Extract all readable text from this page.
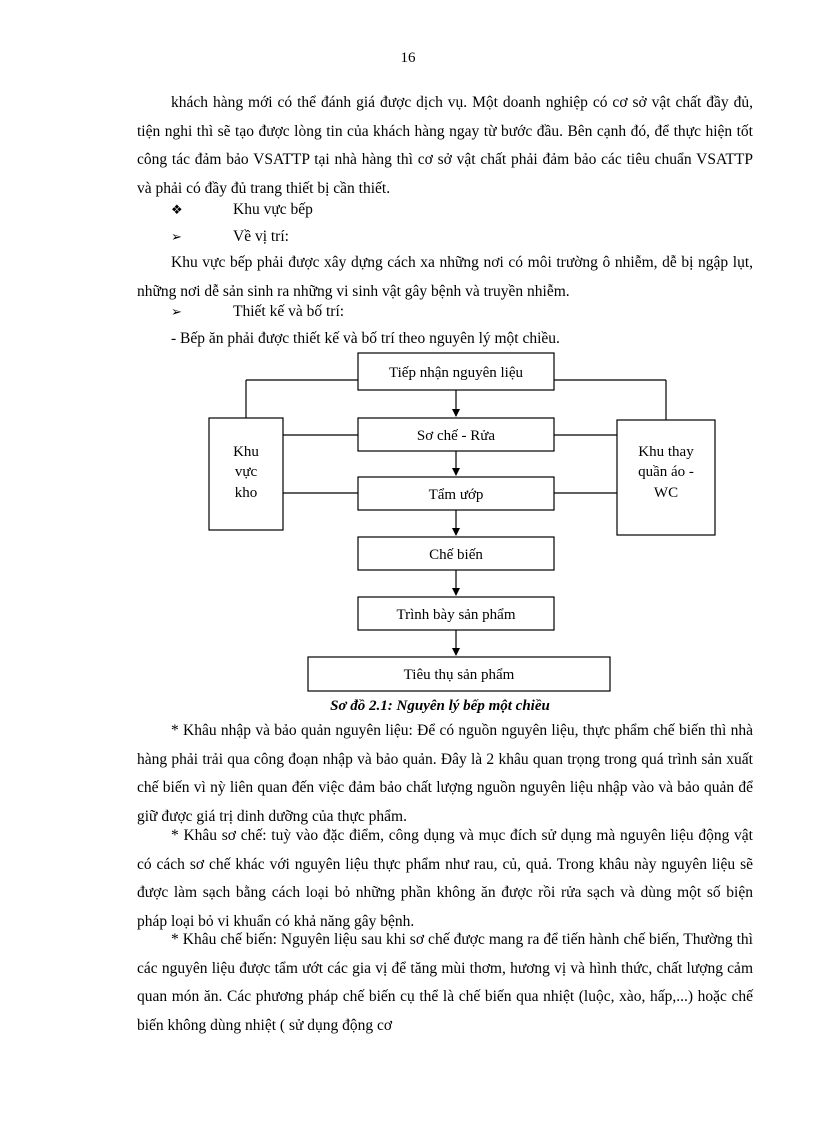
16

khách hàng mới có thể đánh giá được dịch vụ. Một doanh nghiệp có cơ sở vật chất đầy đủ, tiện nghi thì sẽ tạo được lòng tin của khách hàng ngay từ bước đầu. Bên cạnh đó, để thực hiện tốt công tác đảm bảo VSATTP tại nhà hàng thì cơ sở vật chất phải đảm bảo các tiêu chuẩn VSATTP và phải có đầy đủ trang thiết bị cần thiết.

❖	Khu vực bếp
➢	Về vị trí:

Khu vực bếp phải được xây dựng cách xa những nơi có môi trường ô nhiễm, dễ bị ngập lụt, những nơi dễ sản sinh ra những vi sinh vật gây bệnh và truyền nhiễm.

➢	Thiết kế và bố trí:
- Bếp ăn phải được thiết kế và bố trí theo nguyên lý một chiều.
Tiếp nhận nguyên liệu
Sơ chế - Rửa
Tẩm ướp
Chế biến
Trình bày sản phẩm
Tiêu thụ sản phẩm
Khu
vực
kho
Khu thay
quần áo -
WC
Sơ đồ 2.1: Nguyên lý bếp một chiều

* Khâu nhập và bảo quản nguyên liệu: Để có nguồn nguyên liệu, thực phẩm chế biến thì nhà hàng phải trải qua công đoạn nhập và bảo quản. Đây là 2 khâu quan trọng trong quá trình sản xuất chế biến vì nỳ liên quan đến việc đảm bảo chất lượng nguồn nguyên liệu nhập vào và bảo quản để giữ được giá trị dinh dưỡng của thực phẩm.

* Khâu sơ chế: tuỳ vào đặc điểm, công dụng và mục đích sử dụng mà nguyên liệu động vật có cách sơ chế khác với nguyên liệu thực phẩm như rau, củ, quả. Trong khâu này nguyên liệu sẽ được làm sạch bằng cách loại bỏ những phần không ăn được rồi rửa sạch và dùng một số biện pháp loại bỏ vi khuẩn có khả năng gây bệnh.

* Khâu chế biến: Nguyên liệu sau khi sơ chế được mang ra để tiến hành chế biến, Thường thì các nguyên liệu được tẩm ướt các gia vị để tăng mùi thơm, hương vị và hình thức, chất lượng cảm quan món ăn. Các phương pháp chế biến cụ thể là chế biến qua nhiệt (luộc, xào, hấp,...) hoặc chế biến không dùng nhiệt ( sử dụng động cơ
